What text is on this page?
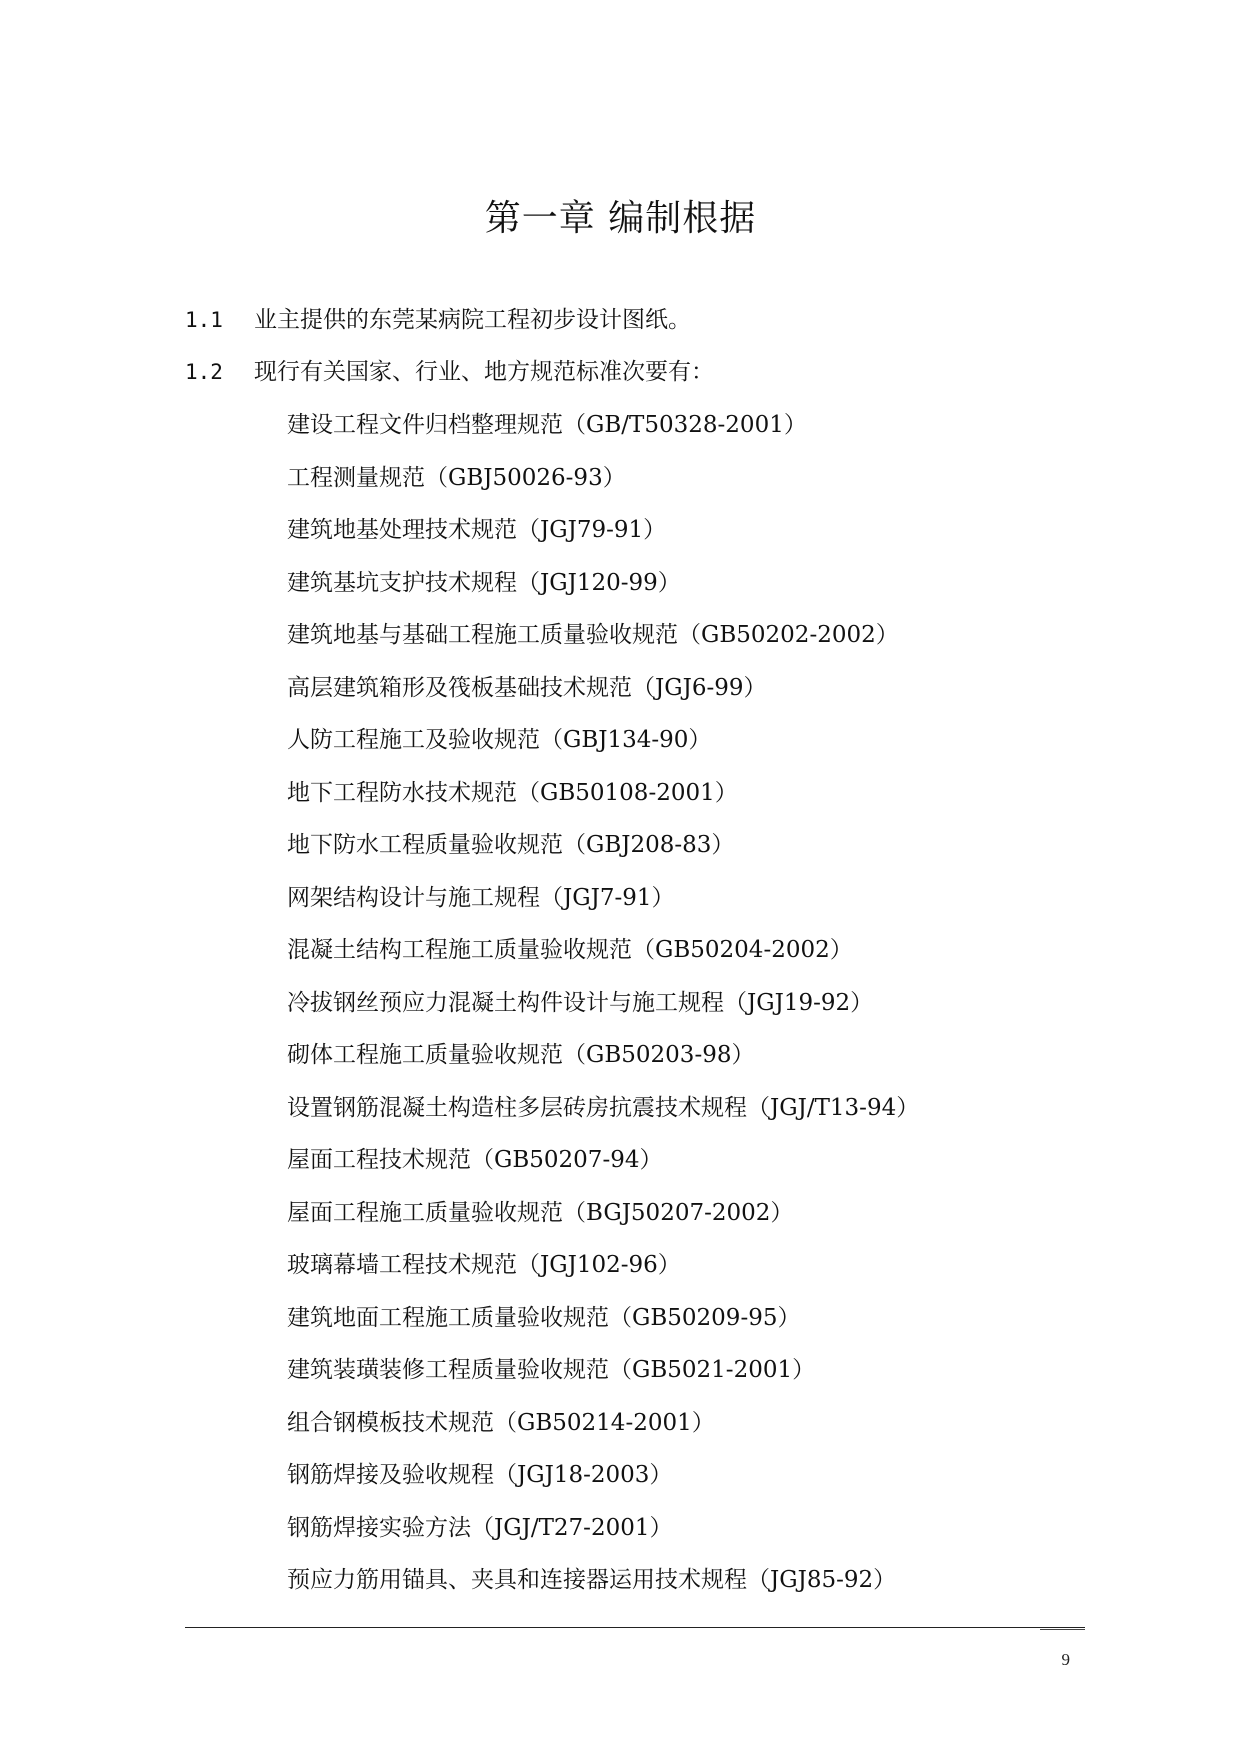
第一章 编制根据
1.1 业主提供的东莞某病院工程初步设计图纸。
1.2 现行有关国家、行业、地方规范标准次要有：
建设工程文件归档整理规范（GB/T50328-2001）
工程测量规范（GBJ50026-93）
建筑地基处理技术规范（JGJ79-91）
建筑基坑支护技术规程（JGJ120-99）
建筑地基与基础工程施工质量验收规范（GB50202-2002）
高层建筑箱形及筏板基础技术规范（JGJ6-99）
人防工程施工及验收规范（GBJ134-90）
地下工程防水技术规范（GB50108-2001）
地下防水工程质量验收规范（GBJ208-83）
网架结构设计与施工规程（JGJ7-91）
混凝土结构工程施工质量验收规范（GB50204-2002）
冷拔钢丝预应力混凝土构件设计与施工规程（JGJ19-92）
砌体工程施工质量验收规范（GB50203-98）
设置钢筋混凝土构造柱多层砖房抗震技术规程（JGJ/T13-94）
屋面工程技术规范（GB50207-94）
屋面工程施工质量验收规范（BGJ50207-2002）
玻璃幕墙工程技术规范（JGJ102-96）
建筑地面工程施工质量验收规范（GB50209-95）
建筑装璜装修工程质量验收规范（GB5021-2001）
组合钢模板技术规范（GB50214-2001）
钢筋焊接及验收规程（JGJ18-2003）
钢筋焊接实验方法（JGJ/T27-2001）
预应力筋用锚具、夹具和连接器运用技术规程（JGJ85-92）
9
